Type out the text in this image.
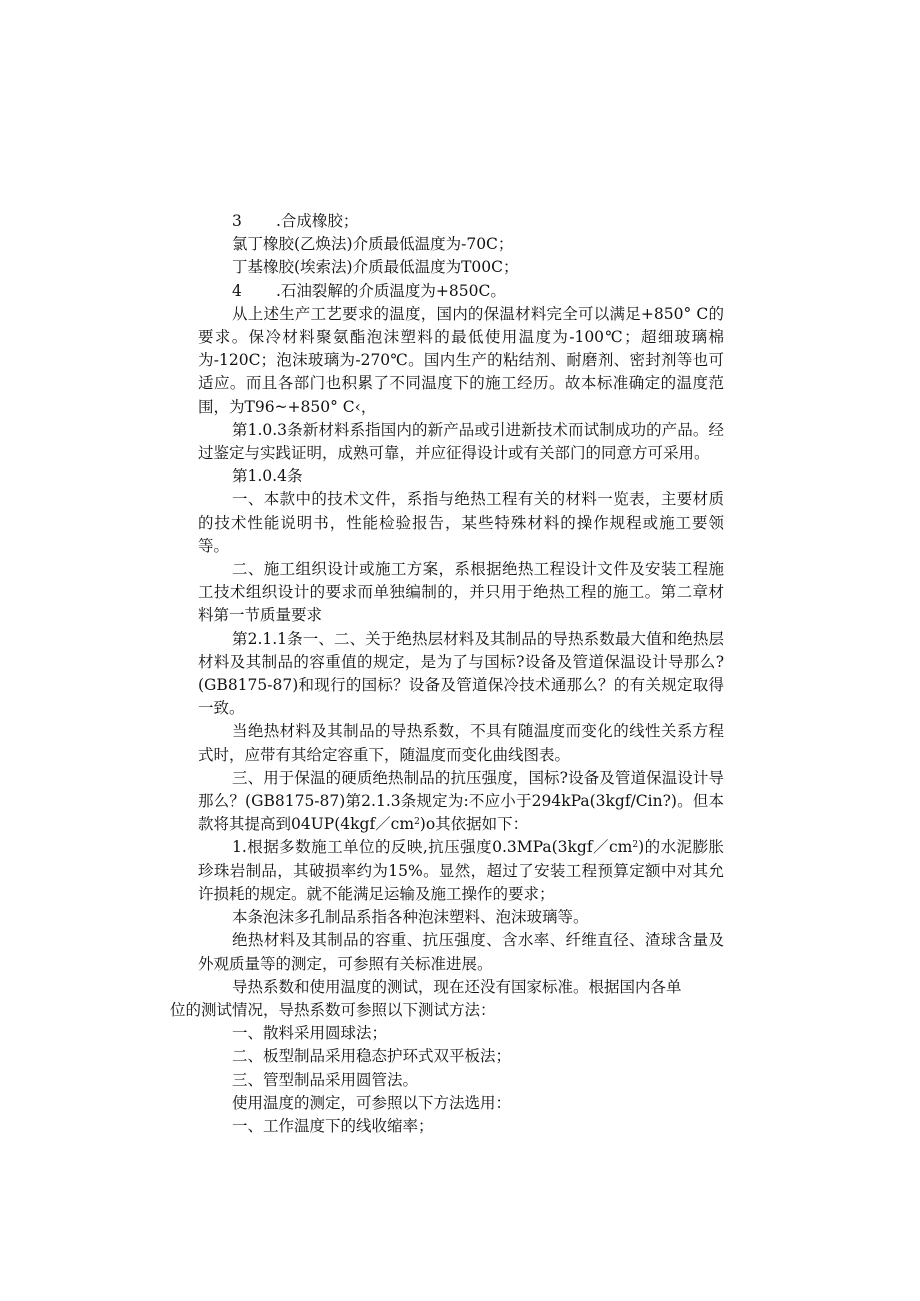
3 .合成橡胶；

氯丁橡胶(乙焕法)介质最低温度为-70C；

丁基橡胶(埃索法)介质最低温度为T00C；

4 .石油裂解的介质温度为+850C。

从上述生产工艺要求的温度，国内的保温材料完全可以满足+850° C的要求。保冷材料聚氨酯泡沫塑料的最低使用温度为-100℃；超细玻璃棉为-120C；泡沫玻璃为-270℃。国内生产的粘结剂、耐磨剂、密封剂等也可适应。而且各部门也积累了不同温度下的施工经历。故本标准确定的温度范围，为T96~+850° C‹，

第1.0.3条新材料系指国内的新产品或引进新技术而试制成功的产品。经过鉴定与实践证明，成熟可靠，并应征得设计或有关部门的同意方可采用。

第1.0.4条

一、本款中的技术文件，系指与绝热工程有关的材料一览表，主要材质的技术性能说明书，性能检验报告，某些特殊材料的操作规程或施工要领等。

二、施工组织设计或施工方案，系根据绝热工程设计文件及安装工程施工技术组织设计的要求而单独编制的，并只用于绝热工程的施工。第二章材料第一节质量要求

第2.1.1条一、二、关于绝热层材料及其制品的导热系数最大值和绝热层材料及其制品的容重值的规定，是为了与国标?设备及管道保温设计导那么?(GB8175-87)和现行的国标？设备及管道保冷技术通那么？的有关规定取得一致。

当绝热材料及其制品的导热系数，不具有随温度而变化的线性关系方程式时，应带有其给定容重下，随温度而变化曲线图表。

三、用于保温的硬质绝热制品的抗压强度，国标?设备及管道保温设计导那么？(GB8175-87)第2.1.3条规定为:不应小于294kPa(3kgf/Cin?)。但本款将其提高到$04UP(4kgf/cm^2)o$其依据如下：

1.根据多数施工单位的反映,抗压强度$0.3MPa(3kgf/cm^2)$的水泥膨胀珍珠岩制品，其破损率约为15%。显然，超过了安装工程预算定额中对其允许损耗的规定。就不能满足运输及施工操作的要求；

本条泡沫多孔制品系指各种泡沫塑料、泡沫玻璃等。

绝热材料及其制品的容重、抗压强度、含水率、纤维直径、渣球含量及外观质量等的测定，可参照有关标准进展。

导热系数和使用温度的测试，现在还没有国家标准。根据国内各单

位的测试情况，导热系数可参照以下测试方法：

一、散料采用圆球法；

二、板型制品采用稳态护环式双平板法；

三、管型制品采用圆管法。

使用温度的测定，可参照以下方法选用：

一、工作温度下的线收缩率；
